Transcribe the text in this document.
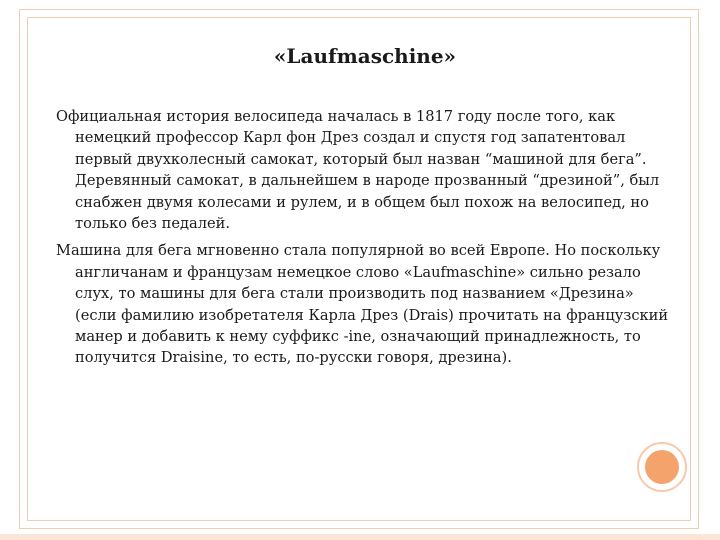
«Laufmaschine»

Официальная история велосипеда началась в 1817 году после того, как немецкий профессор Карл фон Дрез создал и спустя год запатентовал первый двухколесный самокат, который был назван “машиной для бега”. Деревянный самокат, в дальнейшем в народе прозванный “дрезиной”, был снабжен двумя колесами и рулем, и в общем был похож на велосипед, но только без педалей.

Машина для бега мгновенно стала популярной во всей Европе. Но поскольку англичанам и французам немецкое слово «Laufmaschine» сильно резало слух, то машины для бега стали производить под названием «Дрезина» (если фамилию изобретателя Карла Дрез (Drais) прочитать на французский манер и добавить к нему суффикс -ine, означающий принадлежность, то получится Draisine, то есть, по-русски говоря, дрезина).
